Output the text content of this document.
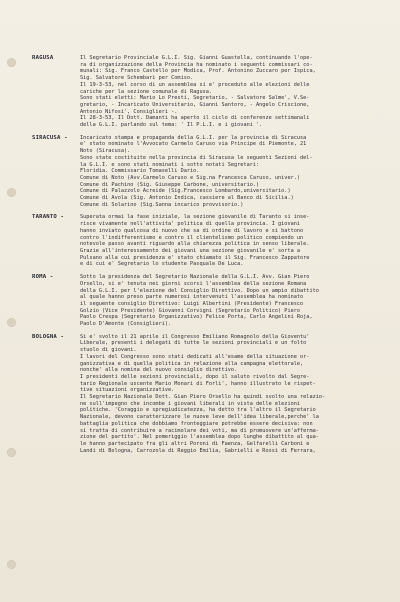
RAGUSA	Il Segretario Provinciale G.L.I. Sig. Gianni Guastella, continuando l'ope-
ra di organizzazione della Provincia ha nominato i seguenti commissari co-
munali: Sig. Franco Castello per Modica, Prof. Antonino Zuccaro per Ispica,
Sig. Salvatore Schembari per Comiso.
Il 19-3-53, nel corso di un assemblea si e' proceduto alle elezioni delle
cariche per la sezione comunale di Ragusa.
Sono stati eletti: Mario Lo Presti, Segretario, - Salvatore Salme', V.Se-
gretario, - Incaricato Universitario, Gianni Santoro, - Angelo Criscione,
Antonio Nifosi', Consiglieri -.
Il 28-3-53, Il Dott. Damanti ha aperto il ciclo di conferenze settimanali
della G.L.I. parlando sul tema: ' Il P.L.I. e i giovani '.
SIRACUSA -	Incaricato stampa e propaganda della G.L.I. per la provincia di Siracusa
e' stato nominato l'Avvocato Carmelo Caruso via Principe di Piemonte, 21
Noto (Siracusa).
Sono state costituite nella provincia di Siracusa le seguenti Sezioni del-
la G.L.I. e sono stati nominati i sotto notati Segretari:
Floridia. Commissario Tomaselli Dario.
Comune di Noto (Avv.Carmelo Caruso e Sig.na Francesca Caruso, univer.)
Comune di Pachino (Sig. Giuseppe Carbone, universitario.)
Comune di Palazzolo Acreide (Sig.Francesco Lombardo,universitario.)
Comune di Avola (Sig. Antonio Indica, cassiere al Banco di Sicilia.)
Comune di Solarino (Sig.Sanna incarico provvisorio.)
TARANTO -	Superata ormai la fase iniziale, la sezione giovanile di Taranto si inse-
risce vivamente nell'attivita' politica di quella provincia. I giovani
hanno inviato qualcosa di nuovo che sa di ordine di lavoro e si battono
contro l'indifferentismo e contro il clientelismo politico compiendo un
notevole passo avanti riguardo alla chiarezza politica in senso liberale.
Grazie all'interessamento dei giovani una sezione giovanile e' sorta a
Pulsano alla cui presidenza e' stato chiamato il Sig. Francesco Zappatore
e di cui e' Segretario lo studente Pasquale De Luca.
ROMA -	Sotto la presidenza del Segretario Nazionale della G.L.I. Avv. Gian Piero
Orsello, si e' tenuta nei giorni scorsi l'assemblea della sezione Romana
della G.L.I. per l'elezione del Consiglio Direttivo. Dopo un ampio dibattito
al quale hanno preso parte numerosi intervenuti l'assemblea ha nominato
il seguente consiglio Direttivo: Luigi Albertini (Presidente) Francesco
Golzio (Vice Presidente) Giovanni Corvigni (Segretario Politico) Piero
Paolo Crespa (Segretario Organizzativo) Felice Porta, Carlo Angelini Roja,
Paolo D'Amonte (Consiglieri).
BOLOGNA -	Si e' svolto il 21 aprile il Congresso Emiliano Romagnolo della Gioventu'
Liberale, presenti i delegati di tutte le sezioni provinciali e un folto
stuolo di giovani.
I lavori del Congresso sono stati dedicati all'esame della situazione or-
ganizzativa e di quella politica in relazione alla campagna elettorale,
nonche' alla nomina del nuovo consiglio direttivo.
I presidenti delle sezioni provinciali, dopo il saluto rivolto dal Segre-
tario Regionale uscente Mario Monari di Forli', hanno illustrato le rispet-
tive situazioni organizzative.
Il Segretario Nazionale Dott. Gian Piero Orsello ha quindi svolto una relazio-
ne sull'impegno che incombe i giovani liberali in vista delle elezioni
politiche. 'Coraggio e spregiudicatezza, ha detto tra l'altro il Segretario
Nazionale, devono caratterizzare le nuove leve dell'idea liberale,perche' la
battaglia politica che dobbiamo fronteggiare potrebbe essere decisiva: non
si tratta di contribuire a racimolare dei voti, ma di promuovere un'afferma-
zione del partito'. Nel pomeriggio l'assemblea dopo lunghe dibattito al qua-
le hanno partecipato fra gli altri Poroni di Faenza, Gelfarelli Carboni e
Landi di Bologna, Carrozola di Reggio Emilia, Gabrielli e Rossi di Ferrara,
